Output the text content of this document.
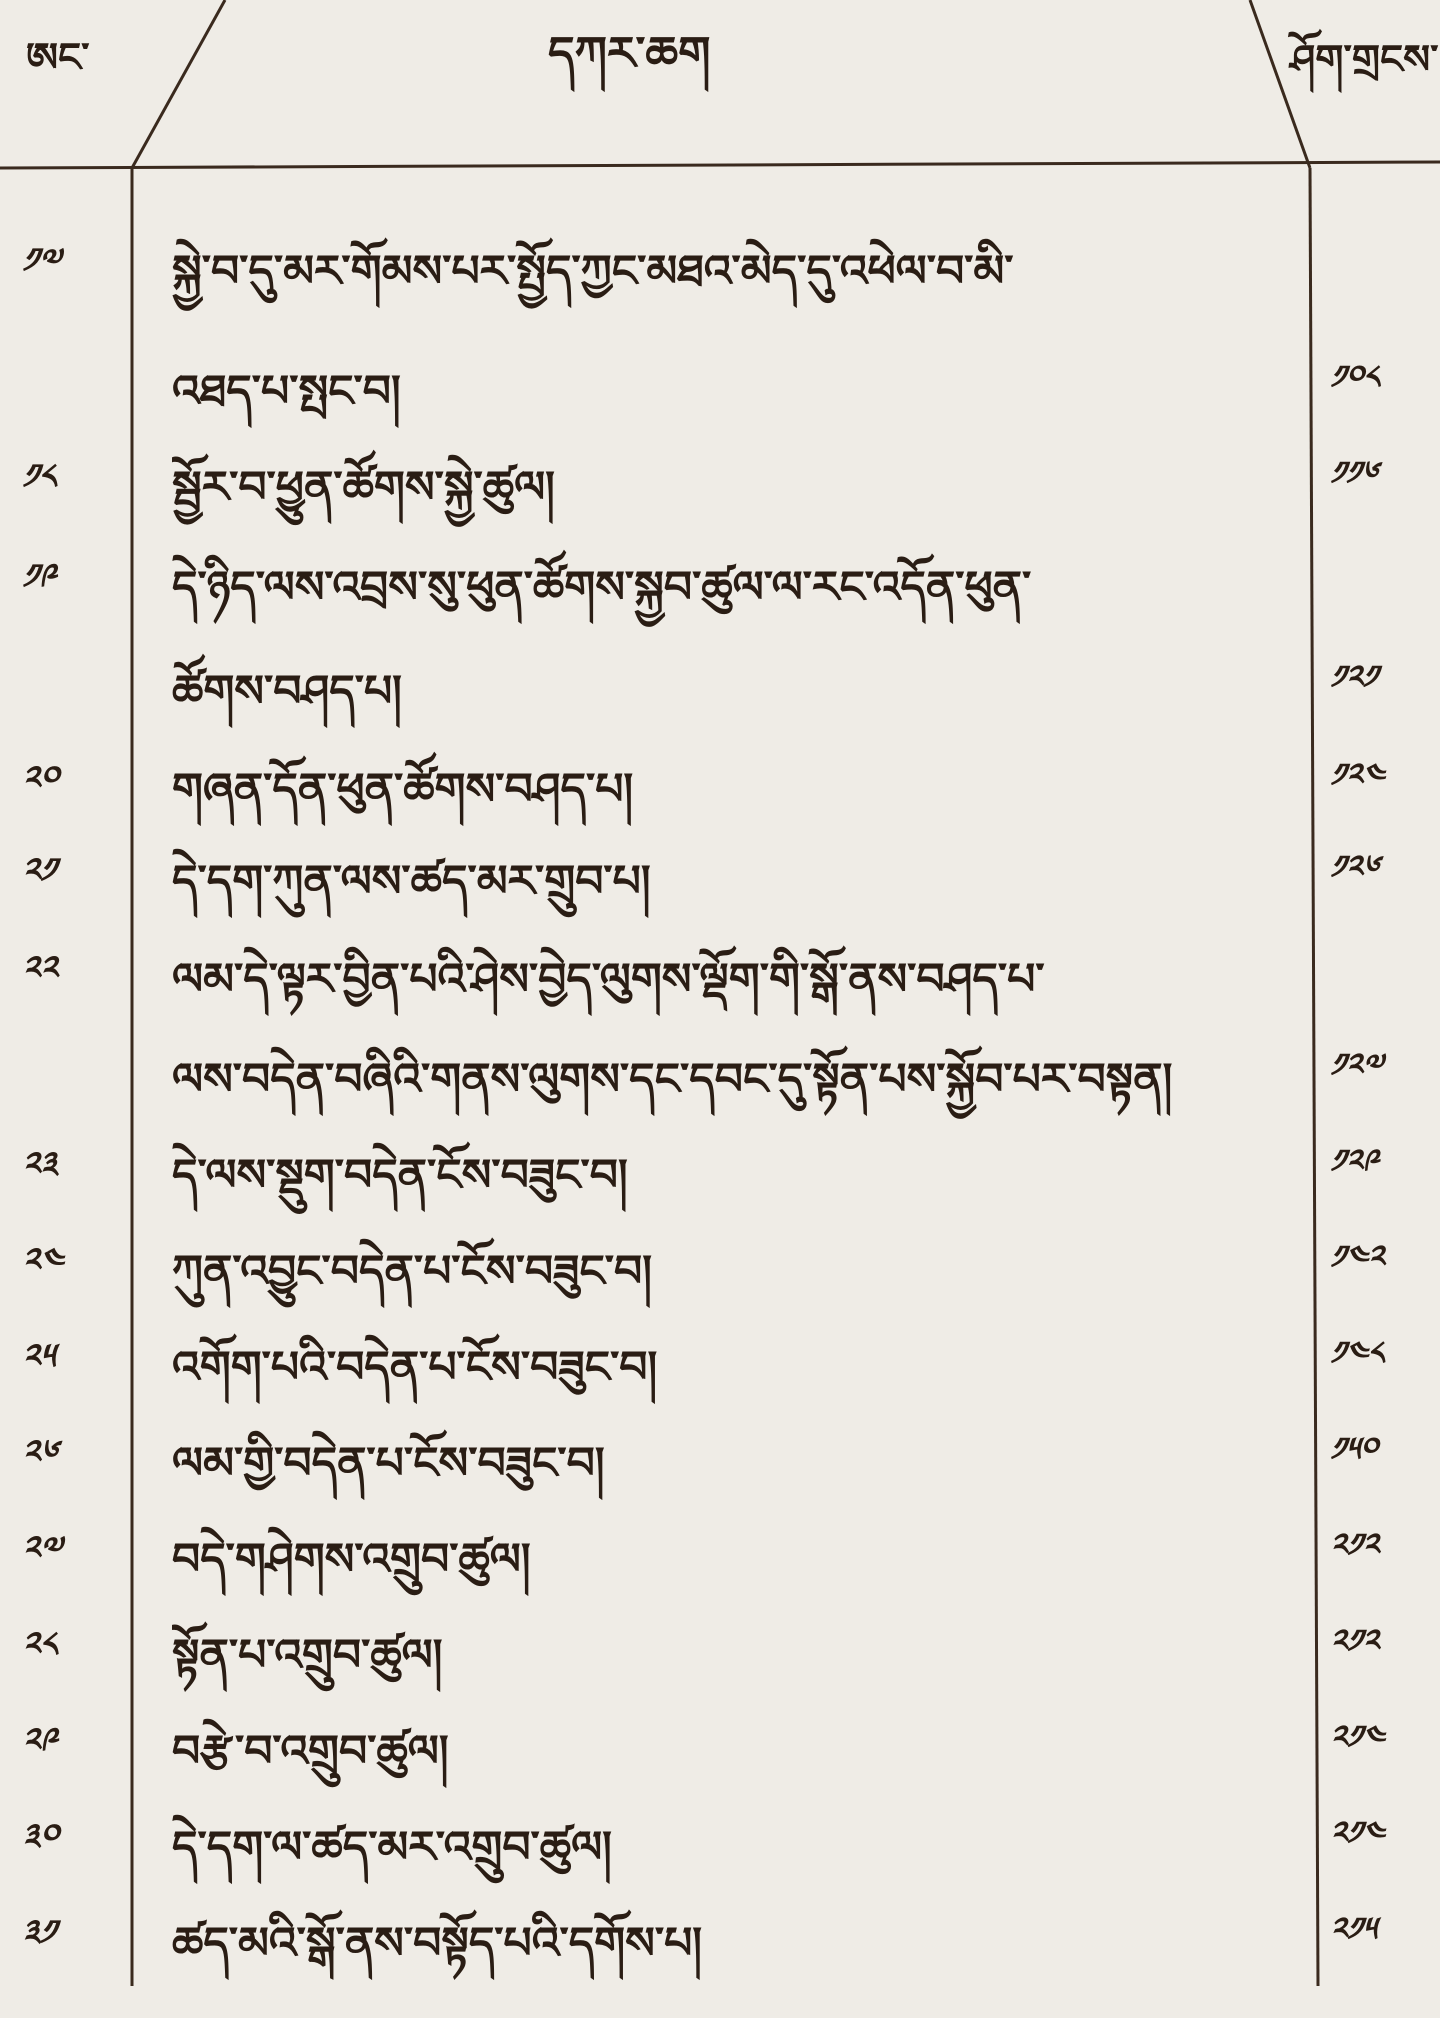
ཨང་	དཀར་ཆག	ཤོག་གྲངས་
༡༧	སྐྱེ་བ་དུ་མར་གོམས་པར་སྤྱོད་ཀྱང་མཐའ་མེད་དུ་འཕེལ་བ་མི་
འཐད་པ་སྤང་བ།	༡༠༨
༡༨	སྦྱོར་བ་ཕྱུན་ཚོགས་སྐྱེ་ཚུལ།	༡༡༦
༡༩	དེ་ཉིད་ལས་འབྲས་སུ་ཕུན་ཚོགས་སྐྱབ་ཚུལ་ལ་རང་འདོན་ཕུན་
ཚོགས་བཤད་པ།	༡༢༡
༢༠	གཞན་དོན་ཕུན་ཚོགས་བཤད་པ།	༡༢༤
༢༡	དེ་དག་ཀུན་ལས་ཚད་མར་གྲུབ་པ།	༡༢༦
༢༢	ལམ་དེ་ལྟར་བྱིན་པའི་ཤེས་བྱེད་ལུགས་ལྡོག་གི་སྒོ་ནས་བཤད་པ་
ལས་བདེན་བཞིའི་གནས་ལུགས་དང་དབང་དུ་སྟོན་པས་སྐྱོབ་པར་བསྟན།	༡༢༧
༢༣	དེ་ལས་སྡུག་བདེན་ངོས་བཟུང་བ།	༡༢༩
༢༤	ཀུན་འབྱུང་བདེན་པ་ངོས་བཟུང་བ།	༡༤༢
༢༥	འགོག་པའི་བདེན་པ་ངོས་བཟུང་བ།	༡༤༨
༢༦	ལམ་གྱི་བདེན་པ་ངོས་བཟུང་བ།	༡༥༠
༢༧	བདེ་གཤེགས་འགྲུབ་ཚུལ།	༢༡༢
༢༨	སྟོན་པ་འགྲུབ་ཚུལ།	༢༡༢
༢༩	བརྩེ་བ་འགྲུབ་ཚུལ།	༢༡༤
༣༠	དེ་དག་ལ་ཚད་མར་འགྲུབ་ཚུལ།	༢༡༤
༣༡	ཚད་མའི་སྒོ་ནས་བསྟོད་པའི་དགོས་པ།	༢༡༥
